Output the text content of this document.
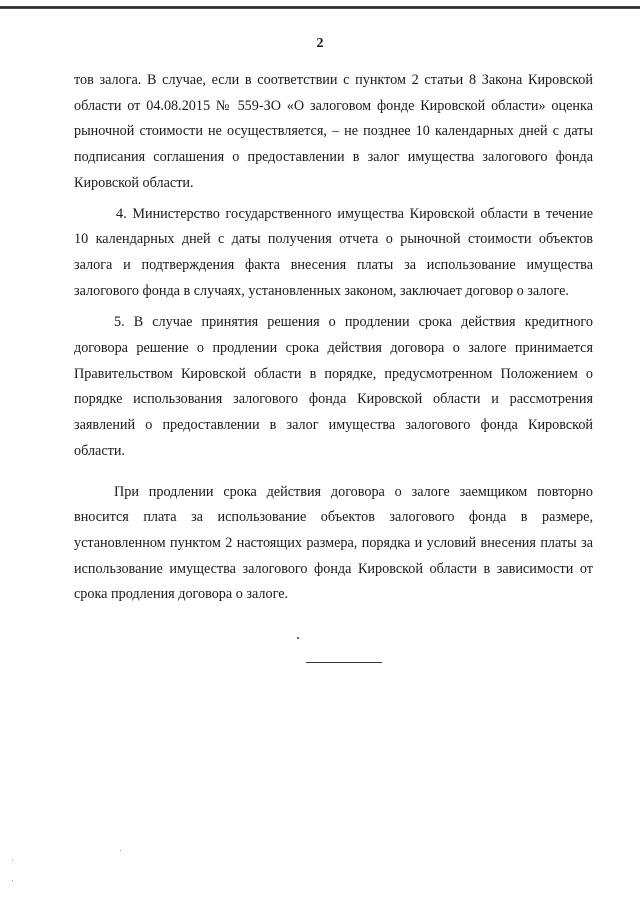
2

тов залога. В случае, если в соответствии с пунктом 2 статьи 8 Закона Кировской области от 04.08.2015 № 559-ЗО «О залоговом фонде Кировской области» оценка рыночной стоимости не осуществляется, – не позднее 10 календарных дней с даты подписания соглашения о предоставлении в залог имущества залогового фонда Кировской области.

4. Министерство государственного имущества Кировской области в течение 10 календарных дней с даты получения отчета о рыночной стоимости объектов залога и подтверждения факта внесения платы за использование имущества залогового фонда в случаях, установленных законом, заключает договор о залоге.

5. В случае принятия решения о продлении срока действия кредитного договора решение о продлении срока действия договора о залоге принимается Правительством Кировской области в порядке, предусмотренном Положением о порядке использования залогового фонда Кировской области и рассмотрения заявлений о предоставлении в залог имущества залогового фонда Кировской области.

При продлении срока действия договора о залоге заемщиком повторно вносится плата за использование объектов залогового фонда в размере, установленном пунктом 2 настоящих размера, порядка и условий внесения платы за использование имущества залогового фонда Кировской области в зависимости от срока продления договора о залоге.
